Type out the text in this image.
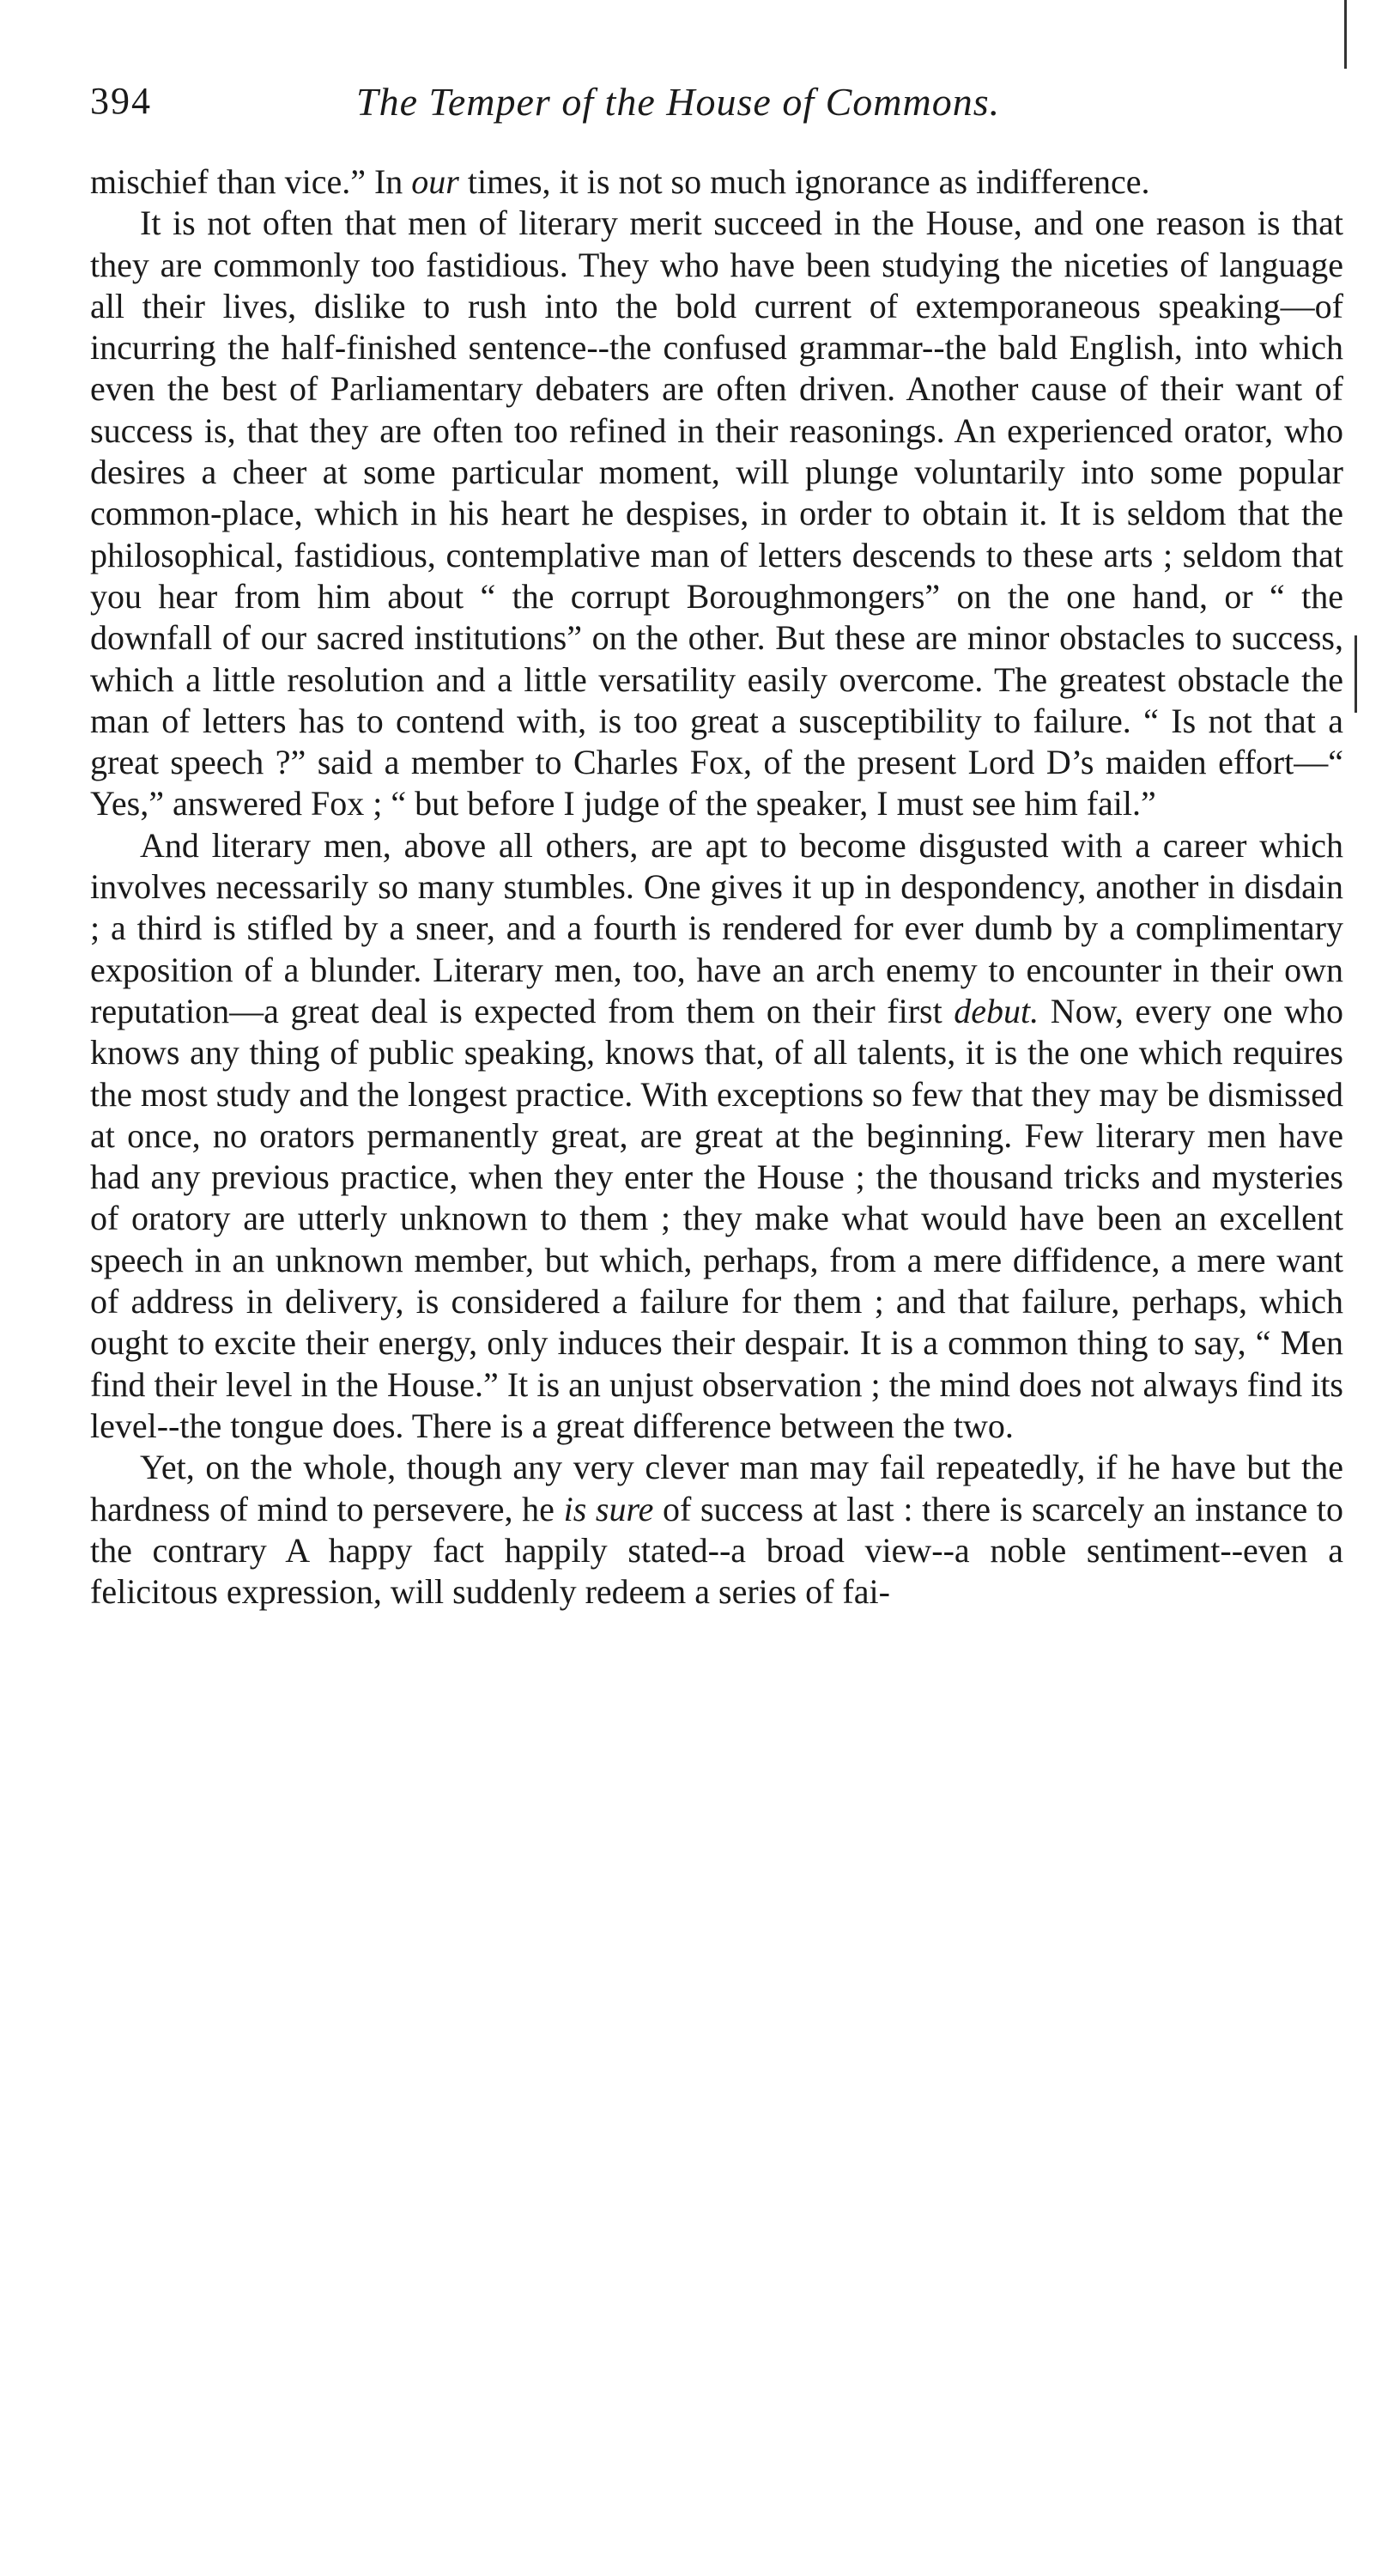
394	The Temper of the House of Commons.

mischief than vice.” In our times, it is not so much ignorance as indifference.

It is not often that men of literary merit succeed in the House, and one reason is that they are commonly too fastidious. They who have been studying the niceties of language all their lives, dislike to rush into the bold current of extemporaneous speaking—of incurring the half-finished sentence--the confused grammar--the bald English, into which even the best of Parliamentary debaters are often driven. Another cause of their want of success is, that they are often too refined in their reasonings. An experienced orator, who desires a cheer at some particular moment, will plunge voluntarily into some popular common-place, which in his heart he despises, in order to obtain it. It is seldom that the philosophical, fastidious, contemplative man of letters descends to these arts ; seldom that you hear from him about “ the corrupt Boroughmongers” on the one hand, or “ the downfall of our sacred institutions” on the other. But these are minor obstacles to success, which a little resolution and a little versatility easily overcome. The greatest obstacle the man of letters has to contend with, is too great a susceptibility to failure. “ Is not that a great speech ?” said a member to Charles Fox, of the present Lord D’s maiden effort—“ Yes,” answered Fox ; “ but before I judge of the speaker, I must see him fail.”

And literary men, above all others, are apt to become disgusted with a career which involves necessarily so many stumbles. One gives it up in despondency, another in disdain ; a third is stifled by a sneer, and a fourth is rendered for ever dumb by a complimentary exposition of a blunder. Literary men, too, have an arch enemy to encounter in their own reputation—a great deal is expected from them on their first debut. Now, every one who knows any thing of public speaking, knows that, of all talents, it is the one which requires the most study and the longest practice. With exceptions so few that they may be dismissed at once, no orators permanently great, are great at the beginning. Few literary men have had any previous practice, when they enter the House ; the thousand tricks and mysteries of oratory are utterly unknown to them ; they make what would have been an excellent speech in an unknown member, but which, perhaps, from a mere diffidence, a mere want of address in delivery, is considered a failure for them ; and that failure, perhaps, which ought to excite their energy, only induces their despair. It is a common thing to say, “ Men find their level in the House.” It is an unjust observation ; the mind does not always find its level--the tongue does. There is a great difference between the two.

Yet, on the whole, though any very clever man may fail repeatedly, if he have but the hardness of mind to persevere, he is sure of success at last : there is scarcely an instance to the contrary A happy fact happily stated--a broad view--a noble sentiment--even a felicitous expression, will suddenly redeem a series of fai-
